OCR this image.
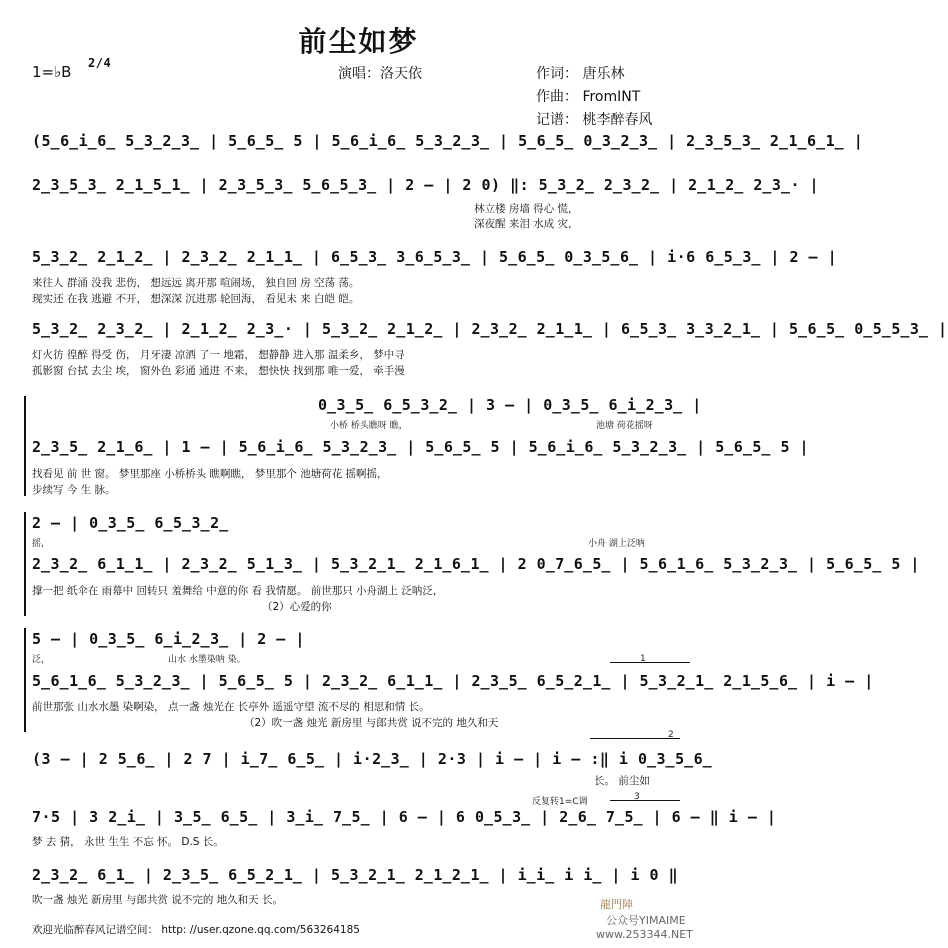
前尘如梦
1=♭B 2/4
演唱：洛天依	作词： 唐乐林
作曲： FromINT
记谱： 桃李醉春风
(5̲6̲i̲6̲ 5̲3̲2̲3̲ | 5̲6̲5̲ 5 | 5̲6̲i̲6̲ 5̲3̲2̲3̲ | 5̲6̲5̲ 0̲3̲2̲3̲ | 2̲3̲5̲3̲ 2̲1̲6̲1̲ |
2̲3̲5̲3̲ 2̲1̲5̲1̲ | 2̲3̲5̲3̲ 5̲6̲5̲3̲ | 2 – | 2 0) ‖: 5̲3̲2̲ 2̲3̲2̲ | 2̲1̲2̲ 2̲3̲· |
林立楼 房墙 得心 慌，
深夜醒 来泪 水成 灾，
5̲3̲2̲ 2̲1̲2̲ | 2̲3̲2̲ 2̲1̲1̲ | 6̲5̲3̲ 3̲6̲5̲3̲ | 5̲6̲5̲ 0̲3̲5̲6̲ | i·6 6̲5̲3̲ | 2 – |
来往人 群涌 没我 悲伤， 想远远 离开那 喧闹场， 独自回 房 空荡 荡。
现实还 在我 逃避 不开， 想深深 沉进那 轮回海， 看见未 来 白皑 皑。
5̲3̲2̲ 2̲3̲2̲ | 2̲1̲2̲ 2̲3̲· | 5̲3̲2̲ 2̲1̲2̲ | 2̲3̲2̲ 2̲1̲1̲ | 6̲5̲3̲ 3̲3̲2̲1̲ | 5̲6̲5̲ 0̲5̲5̲3̲ |
灯火彷 徨醉 得受 伤， 月牙凄 凉洒 了一 地霜， 想静静 进入那 温柔乡， 梦中寻
孤影窗 台拭 去尘 埃， 窗外色 彩通 通进 不来， 想快快 找到那 唯一爱， 牵手漫
0̲3̲5̲ 6̲5̲3̲2̲ | 3 – | 0̲3̲5̲ 6̲i̲2̲3̲ |
小桥 桥头瞧呀 瞧，	池塘 荷花摇呀
2̲3̲5̲ 2̲1̲6̲ | 1 – | 5̲6̲i̲6̲ 5̲3̲2̲3̲ | 5̲6̲5̲ 5 | 5̲6̲i̲6̲ 5̲3̲2̲3̲ | 5̲6̲5̲ 5 |
找看见 前 世 窗。 梦里那座 小桥桥头 瞧啊瞧， 梦里那个 池塘荷花 摇啊摇，
步续写 今 生 脉。
2 – | 0̲3̲5̲ 6̲5̲3̲2̲
摇，	小舟 湖上泛呐
2̲3̲2̲ 6̲1̲1̲ | 2̲3̲2̲ 5̲1̲3̲ | 5̲3̲2̲1̲ 2̲1̲6̲1̲ | 2 0̲7̲6̲5̲ | 5̲6̲1̲6̲ 5̲3̲2̲3̲ | 5̲6̲5̲ 5 |
撑一把 纸伞在 雨幕中 回转只 羞舞给 中意的你 看 我情愿。 前世那只 小舟湖上 泛呐泛，
（2）心爱的你
5 – | 0̲3̲5̲ 6̲i̲2̲3̲ | 2 – |
泛，	山水 水墨染呐 染。	1
5̲6̲1̲6̲ 5̲3̲2̲3̲ | 5̲6̲5̲ 5 | 2̲3̲2̲ 6̲1̲1̲ | 2̲3̲5̲ 6̲5̲2̲1̲ | 5̲3̲2̲1̲ 2̲1̲5̲6̲ | i – |
前世那张 山水水墨 染啊染， 点一盏 烛光在 长亭外 遥遥守望 流不尽的 相思和情 长。
（2）吹一盏 烛光 新房里 与郎共赏 说不完的 地久和天
2
(3 – | 2 5̲6̲ | 2 7 | i̲7̲ 6̲5̲ | i·2̲3̲ | 2·3 | i – | i – :‖ i 0̲3̲5̲6̲
长。 前尘如
反复转1=C调	3
7·5 | 3 2̲i̲ | 3̲5̲ 6̲5̲ | 3̲i̲ 7̲5̲ | 6 – | 6 0̲5̲3̲ | 2̲6̲ 7̲5̲ | 6 – ‖ i – |
梦 去 猜， 永世 生生 不忘 怀。 D.S 长。
2̲3̲2̲ 6̲1̲ | 2̲3̲5̲ 6̲5̲2̲1̲ | 5̲3̲2̲1̲ 2̲1̲2̲1̲ | i̲i̲ i i̲ | i 0 ‖
吹一盏 烛光 新房里 与郎共赏 说不完的 地久和天 长。	龍門陣
公众号YIMAIME
www.253344.NET
欢迎光临醉春风记谱空间： http: //user.qzone.qq.com/563264185
